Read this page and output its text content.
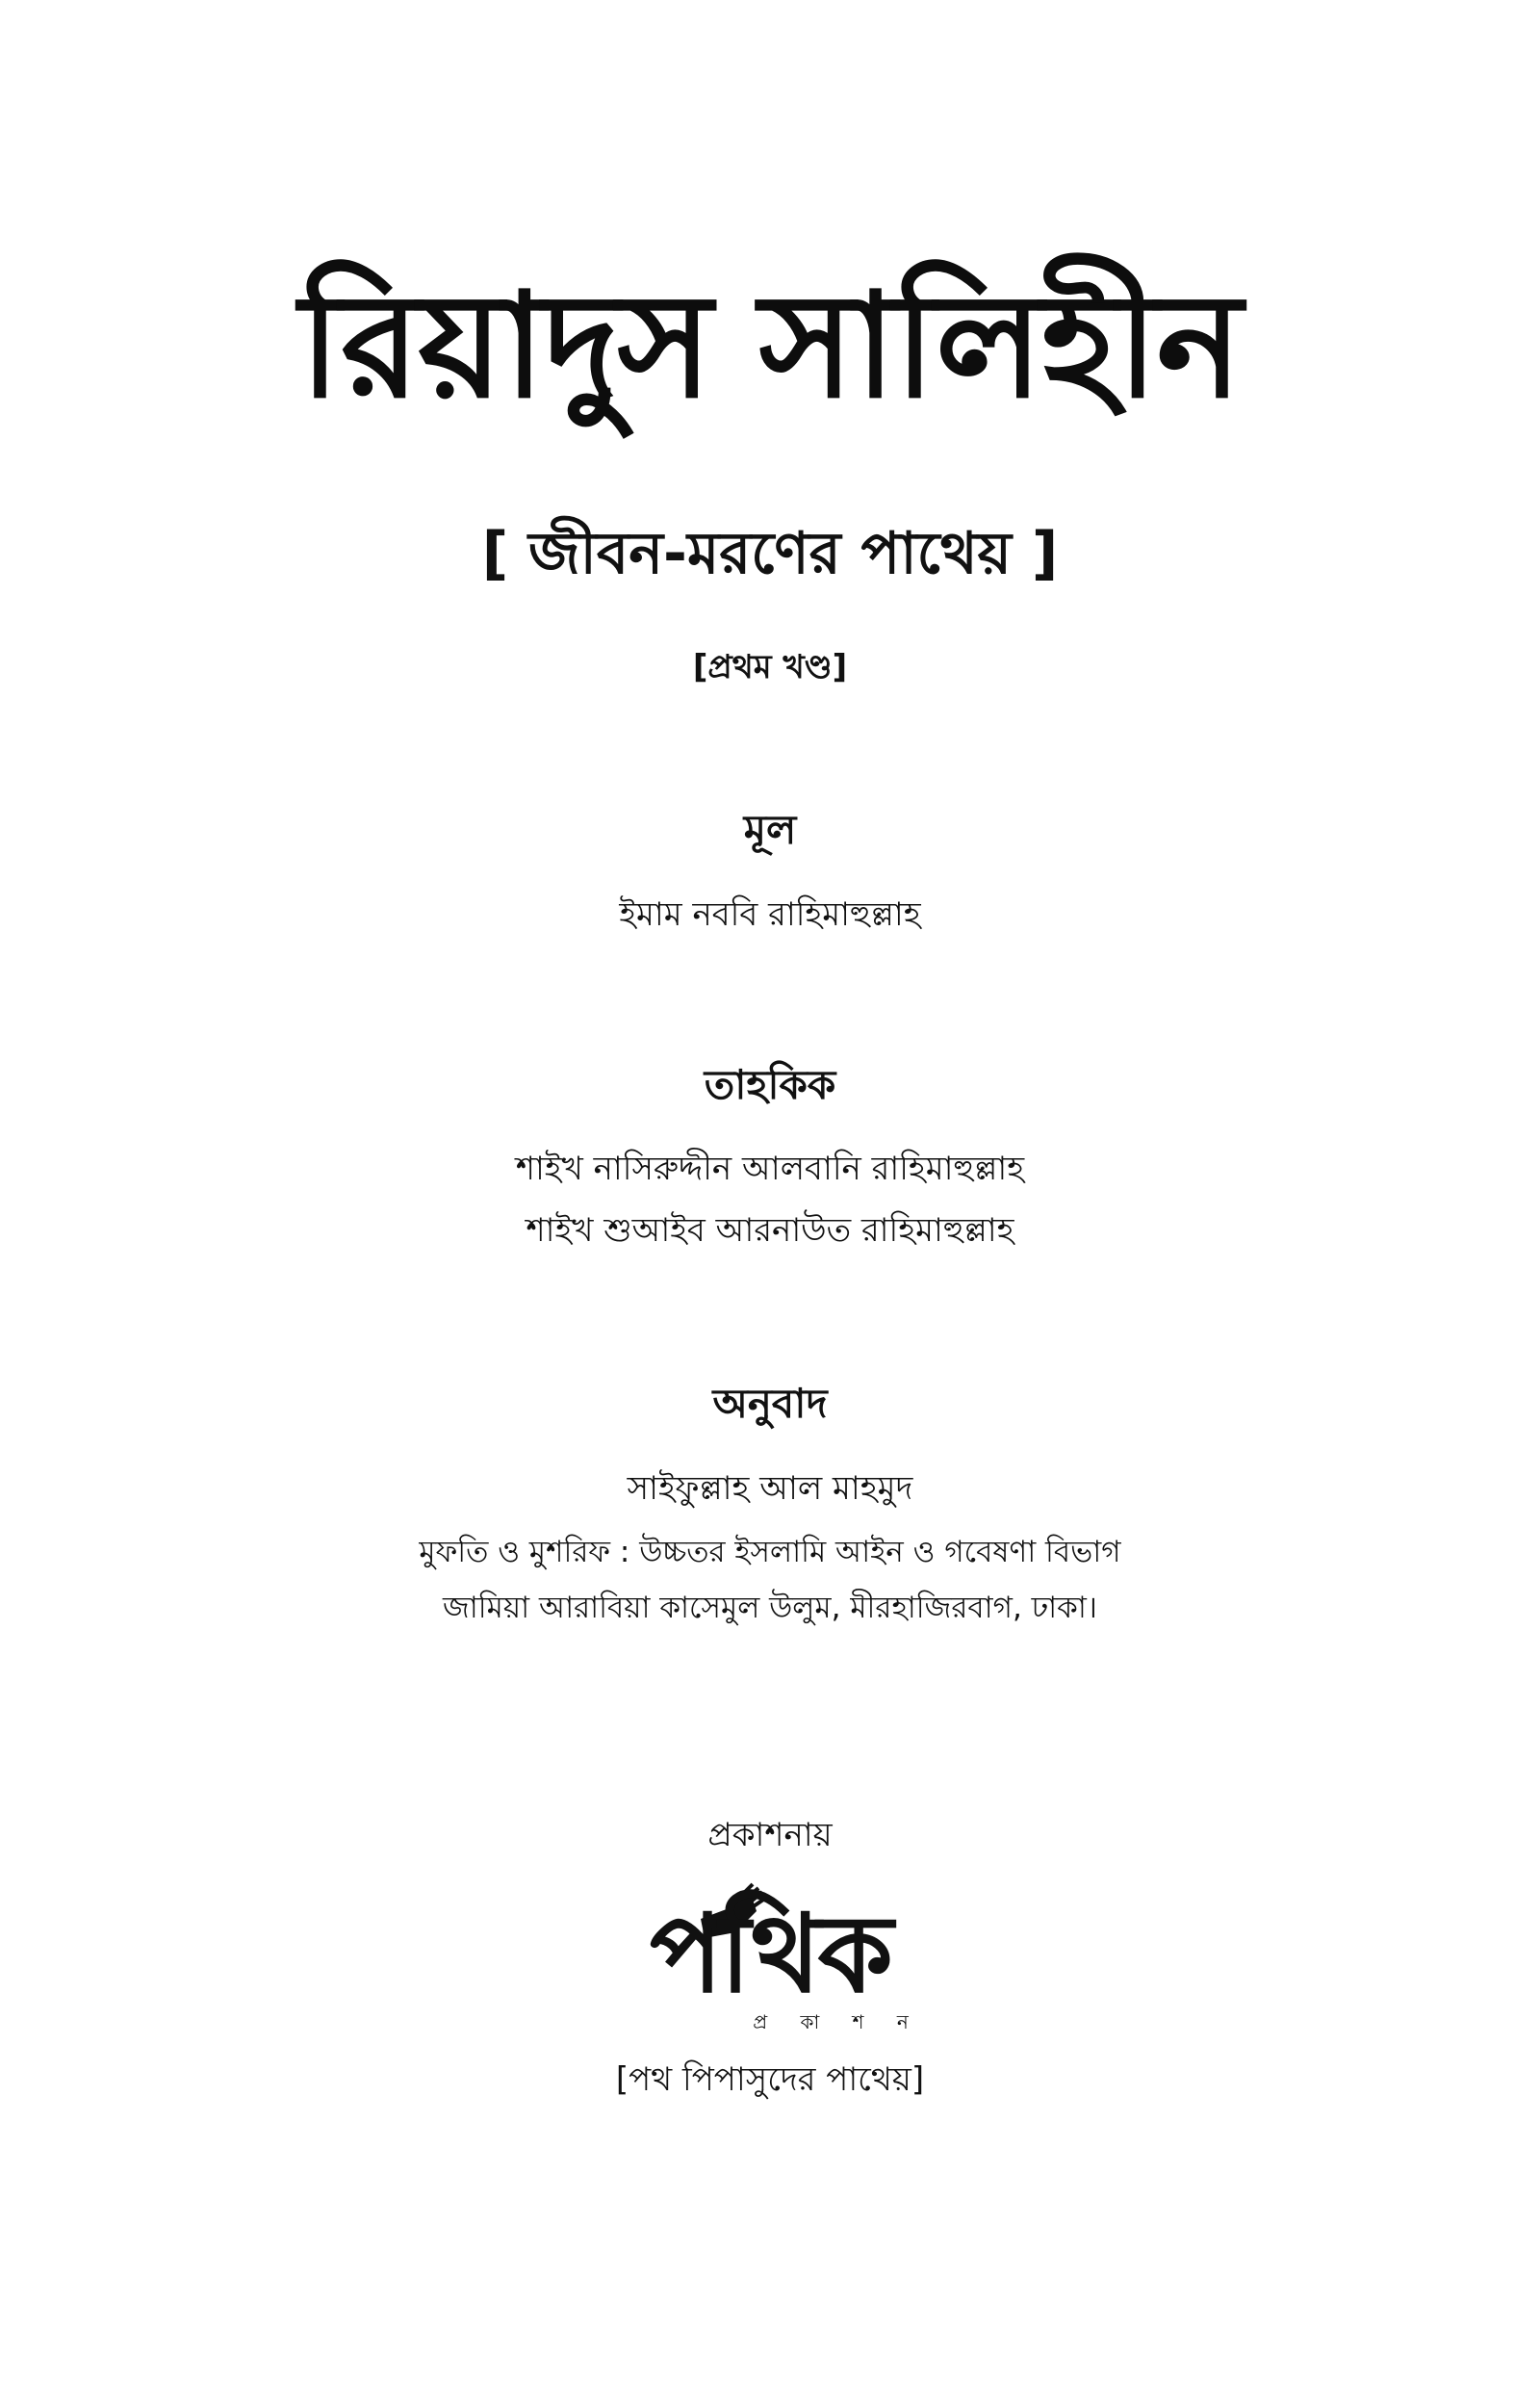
রিয়াদুস সালিহীন
[ জীবন-মরণের পাথেয় ]
[প্রথম খণ্ড]
মূল
ইমাম নববি রাহিমাহুল্লাহ
তাহকিক
শাইখ নাসিরুদ্দীন আলবানি রাহিমাহুল্লাহ
শাইখ শুআইব আরনাউত রাহিমাহুল্লাহ
অনুবাদ
সাইফুল্লাহ আল মাহমুদ
মুফতি ও মুশরিফ : উচ্চতর ইসলামি আইন ও গবেষণা বিভাগ
জামিয়া আরাবিয়া কাসেমুল উলুম, মীরহাজিরবাগ, ঢাকা।
প্রকাশনায়
পথিক
প্র কা শ ন
[পথ পিপাসুদের পাথেয়]
